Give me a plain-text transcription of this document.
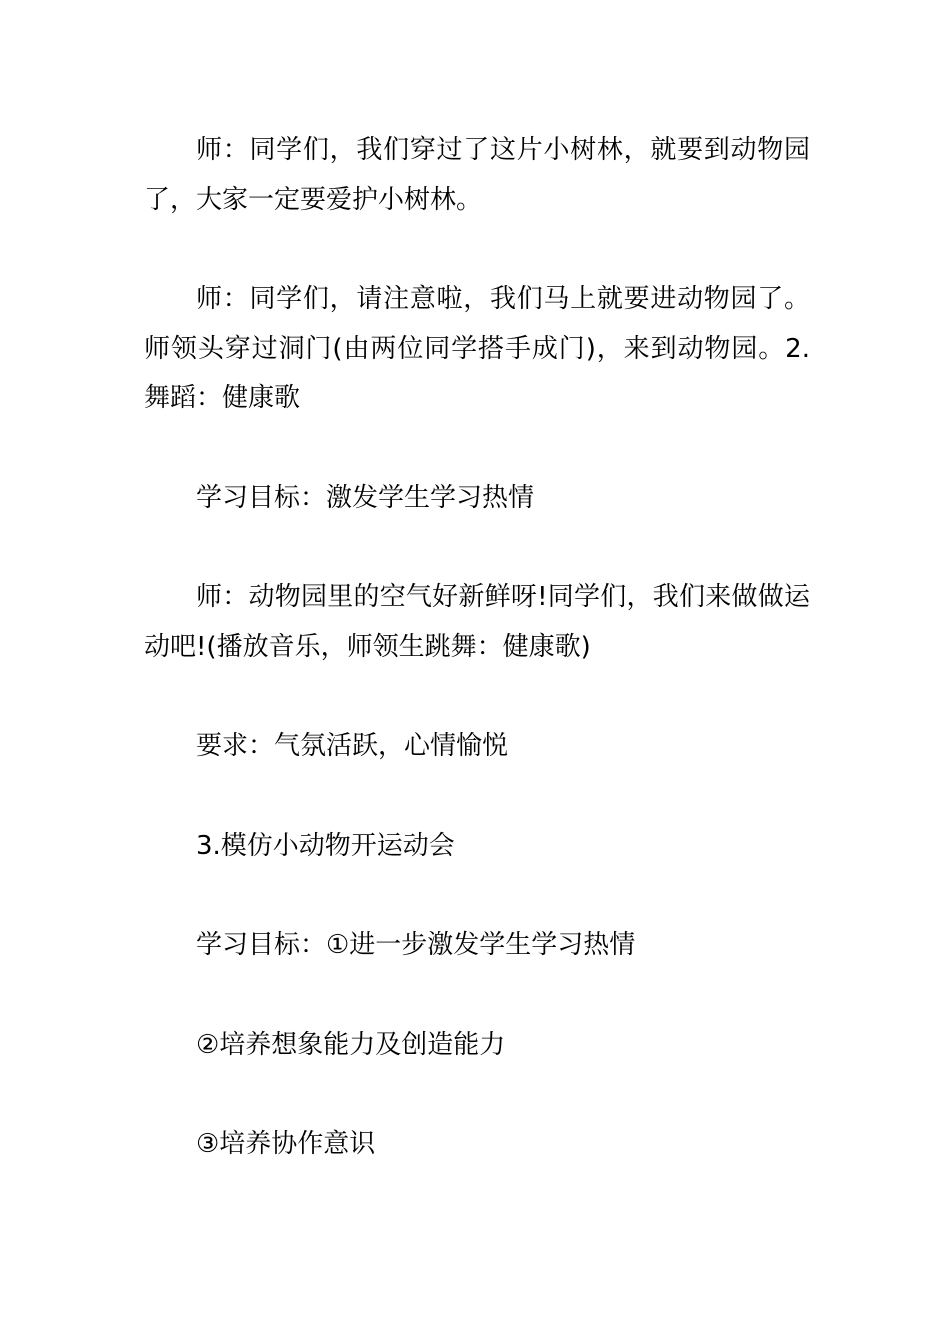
师：同学们，我们穿过了这片小树林，就要到动物园了，大家一定要爱护小树林。

师：同学们，请注意啦，我们马上就要进动物园了。师领头穿过洞门(由两位同学搭手成门)，来到动物园。2.舞蹈：健康歌

学习目标：激发学生学习热情

师：动物园里的空气好新鲜呀!同学们，我们来做做运动吧!(播放音乐，师领生跳舞：健康歌)

要求：气氛活跃，心情愉悦

3.模仿小动物开运动会

学习目标：①进一步激发学生学习热情

②培养想象能力及创造能力

③培养协作意识
